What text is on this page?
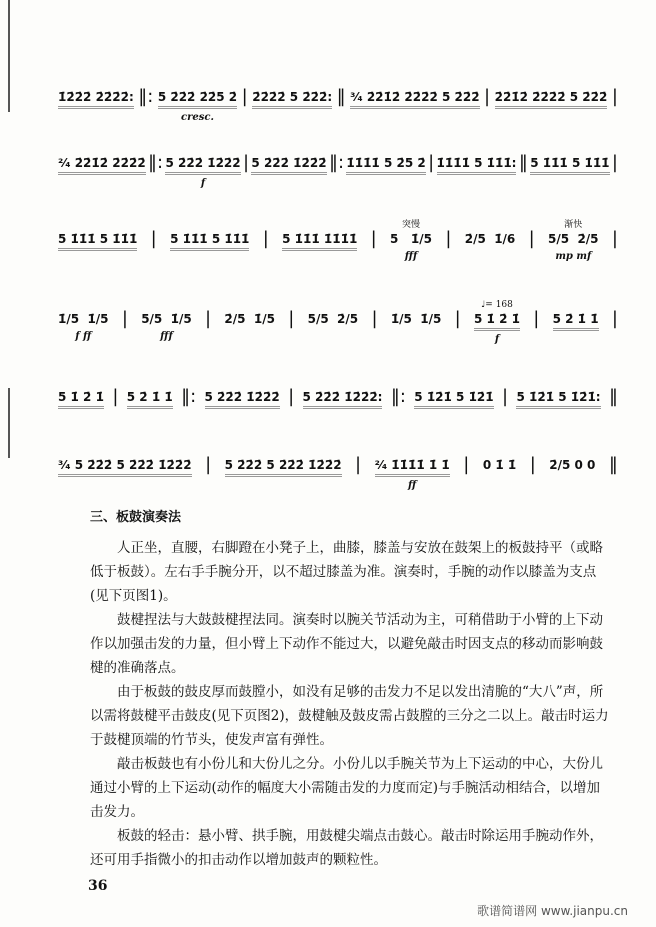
1̇2̇2̇2̇ 2̇2̇2̇2̇: ‖: 5 2̇2̇2̇ 2̇2̇5 2̇
cresc.
| 2̇2̇2̇2̇ 5 2̇2̇2̇: ‖ ³⁄₄ 2̇2̇1̇2̇ 2̇2̇2̇2̇ 5 2̇2̇2̇ | 2̇2̇1̇2̇ 2̇2̇2̇2̇ 5 2̇2̇2̇ |
²⁄₄ 2̇2̇1̇2̇ 2̇2̇2̇2̇ ‖: 5 2̇2̇2̇ 1̇2̇2̇2̇
f
| 5 2̇2̇2̇ 1̇2̇2̇2̇ ‖: 1̇1̇1̇1̇ 5 2̇5 2̇ | 1̇1̇1̇1̇ 5 1̇1̇1̇: ‖ 5 1̇1̇1̇ 5 1̇1̇1̇ |
5 1̇1̇1̇ 5 1̇1̇1̇ | 5 1̇1̇1̇ 5 1̇1̇1̇ | 5 1̇1̇1̇ 1̇1̇1̇1̇ |
突慢
5   1̇/5
fff
| 2̇/5  1̇/6 |
渐快
5/5  2̇/5
mp mf
|
1̇/5  1̇/5
f ff
| 5/5  1̇/5
fff
| 2̇/5  1̇/5 | 5/5  2̇/5 | 1̇/5  1̇/5 |
♩= 168
5 1̇ 2̇ 1̇
f
| 5 2̇ 1̇ 1̇ |
5 1̇ 2̇ 1̇ | 5 2̇ 1̇ 1̇ ‖: 5 2̇2̇2̇ 1̇2̇2̇2̇ | 5 2̇2̇2̇ 1̇2̇2̇2̇: ‖: 5 1̇2̇1̇ 5 1̇2̇1̇ | 5 1̇2̇1̇ 5 1̇2̇1̇: ‖
³⁄₄ 5 2̇2̇2̇ 5 2̇2̇2̇ 1̇2̇2̇2̇ | 5 2̇2̇2̇ 5 2̇2̇2̇ 1̇2̇2̇2̇ | ²⁄₄ 1̇1̇1̇1̇ 1̇ 1̇
ff
| 0 1̇ 1̇ | 2̇/5 0 0 ‖
三、板鼓演奏法

人正坐，直腰，右脚蹬在小凳子上，曲膝，膝盖与安放在鼓架上的板鼓持平（或略低于板鼓）。左右手手腕分开，以不超过膝盖为准。演奏时，手腕的动作以膝盖为支点(见下页图1)。

鼓楗捏法与大鼓鼓楗捏法同。演奏时以腕关节活动为主，可稍借助于小臂的上下动作以加强击发的力量，但小臂上下动作不能过大，以避免敲击时因支点的移动而影响鼓楗的准确落点。

由于板鼓的鼓皮厚而鼓膛小，如没有足够的击发力不足以发出清脆的“大八”声，所以需将鼓楗平击鼓皮(见下页图2)，鼓楗触及鼓皮需占鼓膛的三分之二以上。敲击时运力于鼓楗顶端的竹节头，使发声富有弹性。

敲击板鼓也有小份儿和大份儿之分。小份儿以手腕关节为上下运动的中心，大份儿通过小臂的上下运动(动作的幅度大小需随击发的力度而定)与手腕活动相结合，以增加击发力。

板鼓的轻击：悬小臂、拱手腕，用鼓楗尖端点击鼓心。敲击时除运用手腕动作外，还可用手指微小的扣击动作以增加鼓声的颗粒性。

36
歌谱简谱网 www.jianpu.cn
